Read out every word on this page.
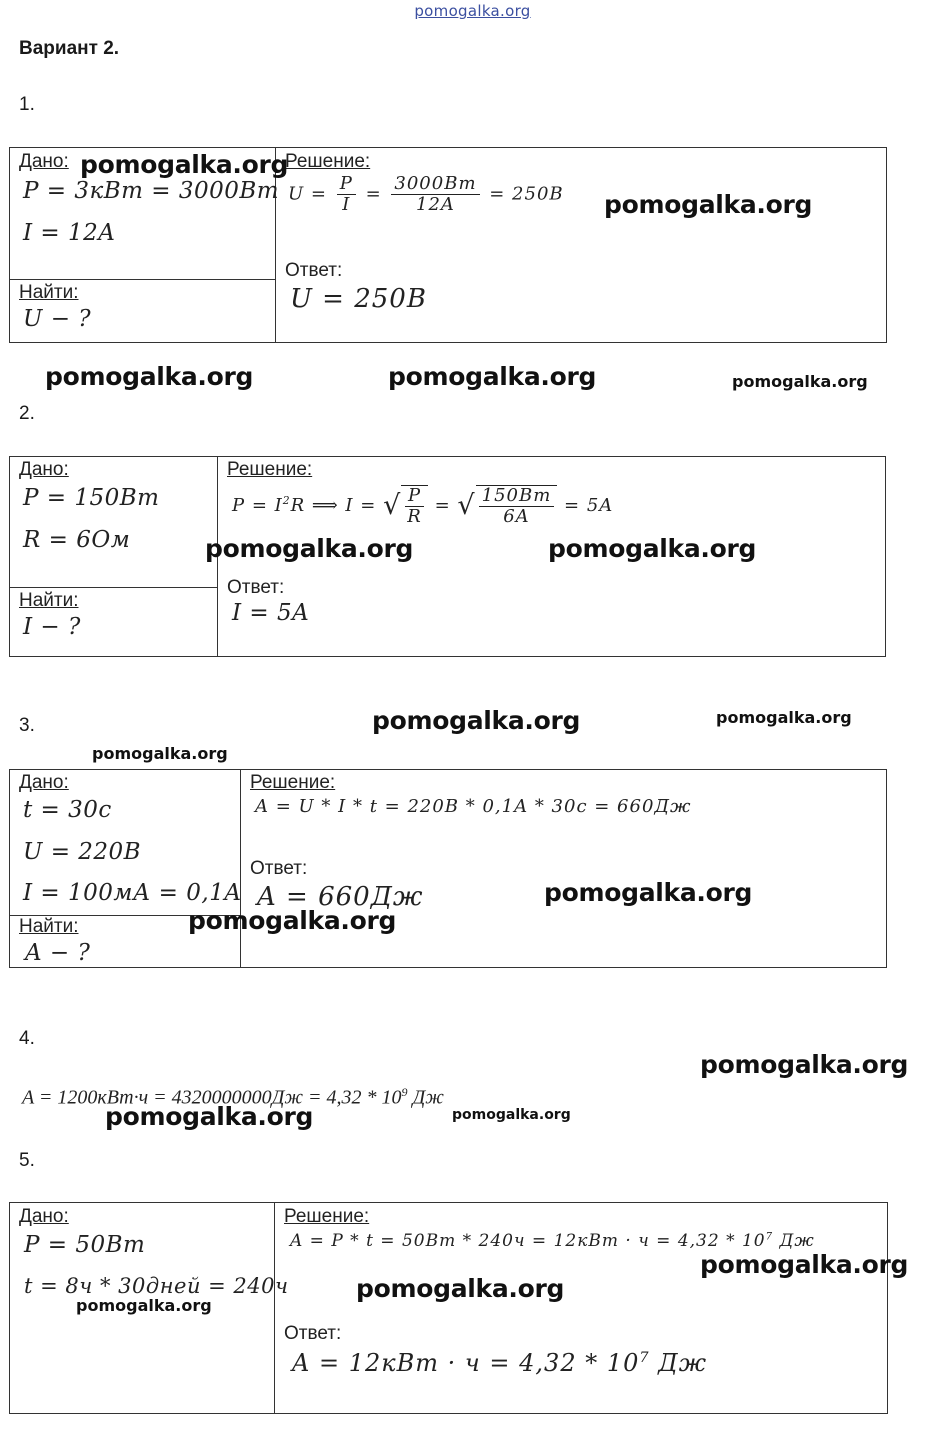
pomogalka.org
Вариант 2.
1.
Дано:
P = 3кВт = 3000Вт
I = 12A
Найти:
U − ?
Решение:
$U = \frac{P}{I} = \frac{3000Bm}{12A} = 250B$
Ответ:
U = 250B
pomogalka.org
pomogalka.org
pomogalka.org	pomogalka.org	pomogalka.org
2.
Дано:
P = 150Bm
R = 6Ом
Найти:
I − ?
Решение:
$P = I^2R$ ⟹ I = √ $\frac{P}{R}$ = √ $\frac{150Bm}{6A} = 5A$
Ответ:
I = 5A
pomogalka.org	pomogalka.org
3.	pomogalka.org	pomogalka.org
pomogalka.org
Дано:
t = 30c
U = 220B
I = 100мА = 0,1A
Найти:
A − ?
Решение:
A = U * I * t = 220B * 0,1A * 30c = 660Дж
Ответ:
A = 660Дж	pomogalka.org
pomogalka.org
4.
pomogalka.org
$A = 1200кВт\cdot ч = 4320000000Дж = 4,32 * 10^9$ Дж
pomogalka.org	pomogalka.org
5.
Дано:
P = 50Bm
t = 8ч * 30дней = 240ч
Решение:
$A = P * t = 50Bm * 240ч = 12кBm \cdot ч = 4,32 * 10^7$ Дж
Ответ:
$A = 12кBm \cdot ч = 4,32 * 10^7$ Дж
pomogalka.org
pomogalka.org
pomogalka.org
